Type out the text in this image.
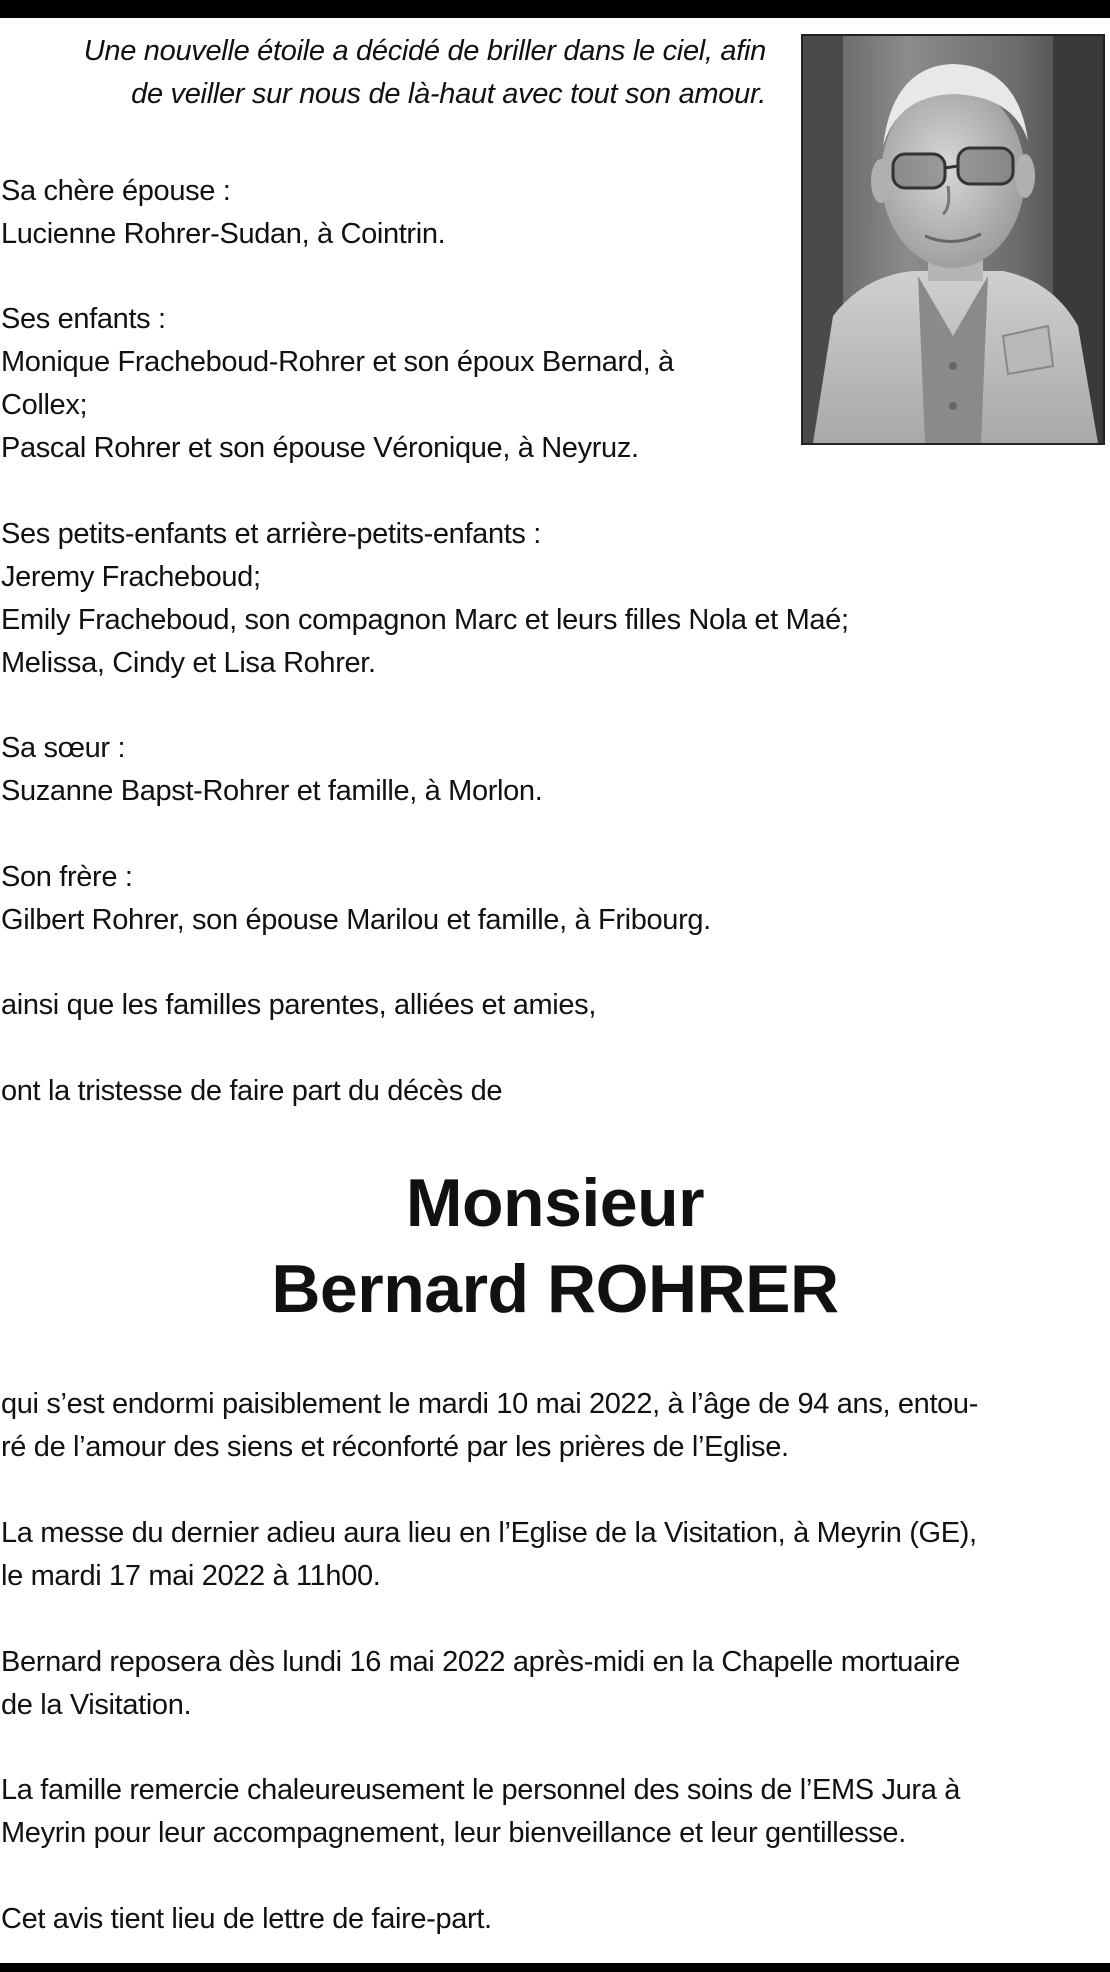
Une nouvelle étoile a décidé de briller dans le ciel, afin
de veiller sur nous de là-haut avec tout son amour.
Sa chère épouse :
Lucienne Rohrer-Sudan, à Cointrin.
Ses enfants :
Monique Fracheboud-Rohrer et son époux Bernard, à
Collex;
Pascal Rohrer et son épouse Véronique, à Neyruz.
Ses petits-enfants et arrière-petits-enfants :
Jeremy Fracheboud;
Emily Fracheboud, son compagnon Marc et leurs filles Nola et Maé;
Melissa, Cindy et Lisa Rohrer.
Sa sœur :
Suzanne Bapst-Rohrer et famille, à Morlon.
Son frère :
Gilbert Rohrer, son épouse Marilou et famille, à Fribourg.
ainsi que les familles parentes, alliées et amies,
ont la tristesse de faire part du décès de
Monsieur
Bernard ROHRER
qui s’est endormi paisiblement le mardi 10 mai 2022, à l’âge de 94 ans, entou-
ré de l’amour des siens et réconforté par les prières de l’Eglise.
La messe du dernier adieu aura lieu en l’Eglise de la Visitation, à Meyrin (GE),
le mardi 17 mai 2022 à 11h00.
Bernard reposera dès lundi 16 mai 2022 après-midi en la Chapelle mortuaire
de la Visitation.
La famille remercie chaleureusement le personnel des soins de l’EMS Jura à
Meyrin pour leur accompagnement, leur bienveillance et leur gentillesse.
Cet avis tient lieu de lettre de faire-part.
